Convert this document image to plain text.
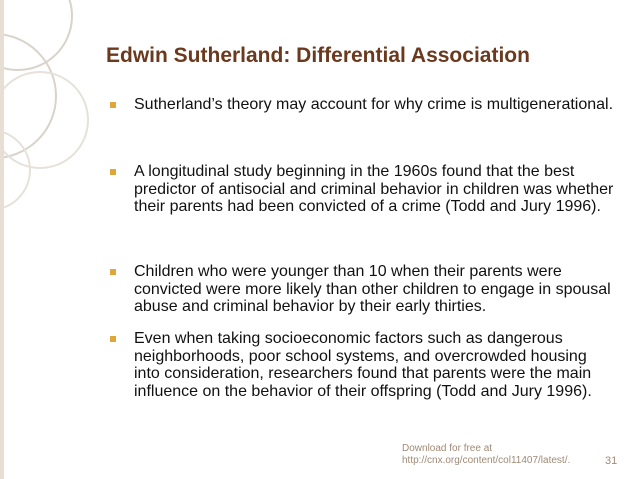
Edwin Sutherland: Differential Association
Sutherland’s theory may account for why crime is multigenerational.
A longitudinal study beginning in the 1960s found that the best predictor of antisocial and criminal behavior in children was whether their parents had been convicted of a crime (Todd and Jury 1996).
Children who were younger than 10 when their parents were convicted were more likely than other children to engage in spousal abuse and criminal behavior by their early thirties.
Even when taking socioeconomic factors such as dangerous neighborhoods, poor school systems, and overcrowded housing into consideration, researchers found that parents were the main influence on the behavior of their offspring (Todd and Jury 1996).
Download for free at
http://cnx.org/content/col11407/latest/.	31
